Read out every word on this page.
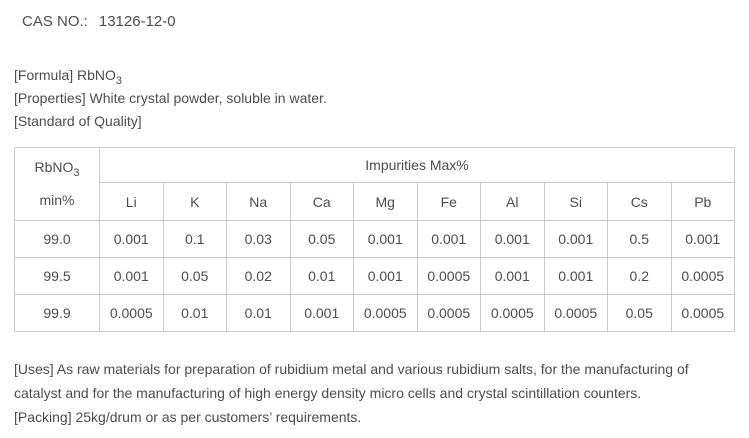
CAS NO.: 13126-12-0

[Formula] RbNO$_3$

[Properties] White crystal powder, soluble in water.

[Standard of Quality]

RbNO$_3$
min%	Impurities Max%									
	Li	K	Na	Ca	Mg	Fe	Al	Si	Cs	Pb
99.0	0.001	0.1	0.03	0.05	0.001	0.001	0.001	0.001	0.5	0.001
99.5	0.001	0.05	0.02	0.01	0.001	0.0005	0.001	0.001	0.2	0.0005
99.9	0.0005	0.01	0.01	0.001	0.0005	0.0005	0.0005	0.0005	0.05	0.0005

[Uses] As raw materials for preparation of rubidium metal and various rubidium salts, for the manufacturing of catalyst and for the manufacturing of high energy density micro cells and crystal scintillation counters.

[Packing] 25kg/drum or as per customers’ requirements.
